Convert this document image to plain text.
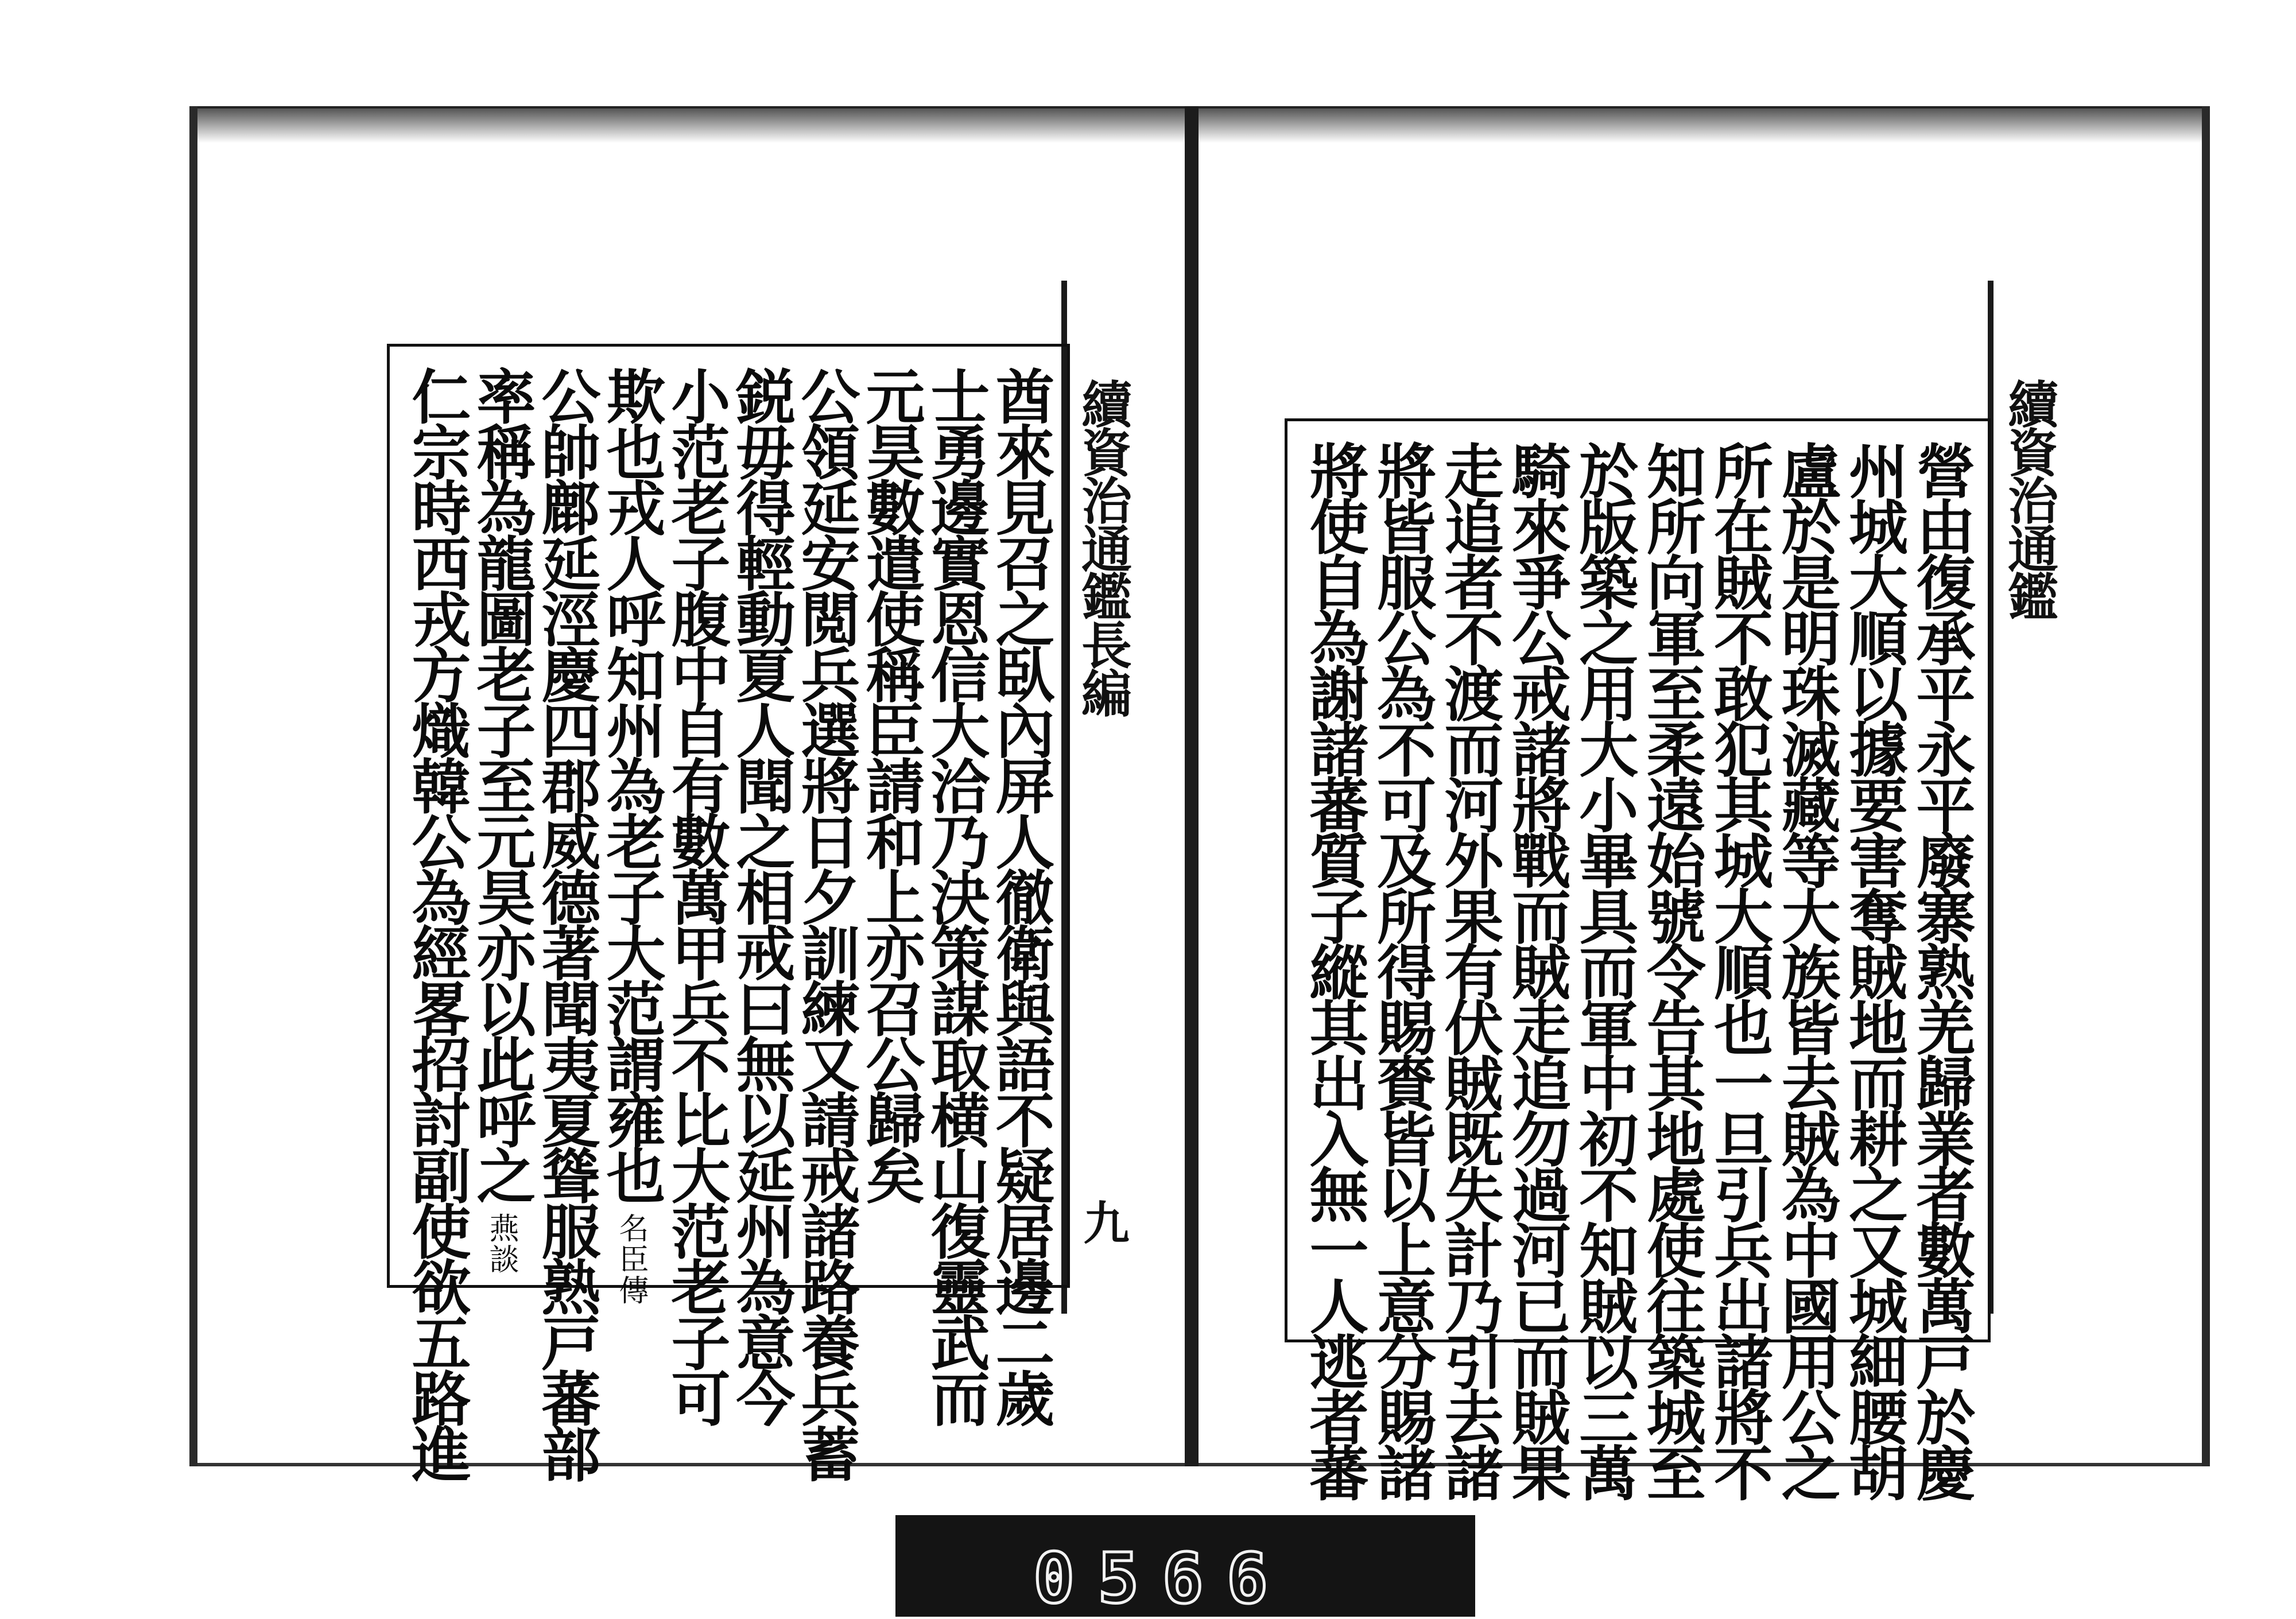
續資治通鑑長編
九
酋來見召之臥內屏人徹衛與語不疑居邊二歲
士勇邊實恩信大洽乃決策謀取横山復靈武而
元昊數遣使稱臣請和上亦召公歸矣
公領延安閲兵選將日夕訓練又請戒諸路養兵蓄
鋭毋得輕動夏人聞之相戒曰無以延州為意今
小范老子腹中自有數萬甲兵不比大范老子可
欺也戎人呼知州為老子大范謂雍也名臣傳
公帥鄜延涇慶四郡威德著聞夷夏聳服熟戸蕃部
率稱為龍圖老子至元昊亦以此呼之燕談
仁宗時西戎方熾韓公為經畧招討副使欲五路進	續資治通鑑
營由復承平永平廢寨熟羌歸業者數萬戸於慶
州城大順以據要害奪賊地而耕之又城細腰胡
盧於是明珠滅藏等大族皆去賊為中國用公之
所在賊不敢犯其城大順也一旦引兵出諸將不
知所向軍至柔遠始號令告其地處使往築城至
於版築之用大小畢具而軍中初不知賊以三萬
騎來爭公戒諸將戰而賊走追勿過河已而賊果
走追者不渡而河外果有伏賊既失計乃引去諸
將皆服公為不可及所得賜賚皆以上意分賜諸
將使自為謝諸蕃質子縱其出入無一人逃者蕃
0566
